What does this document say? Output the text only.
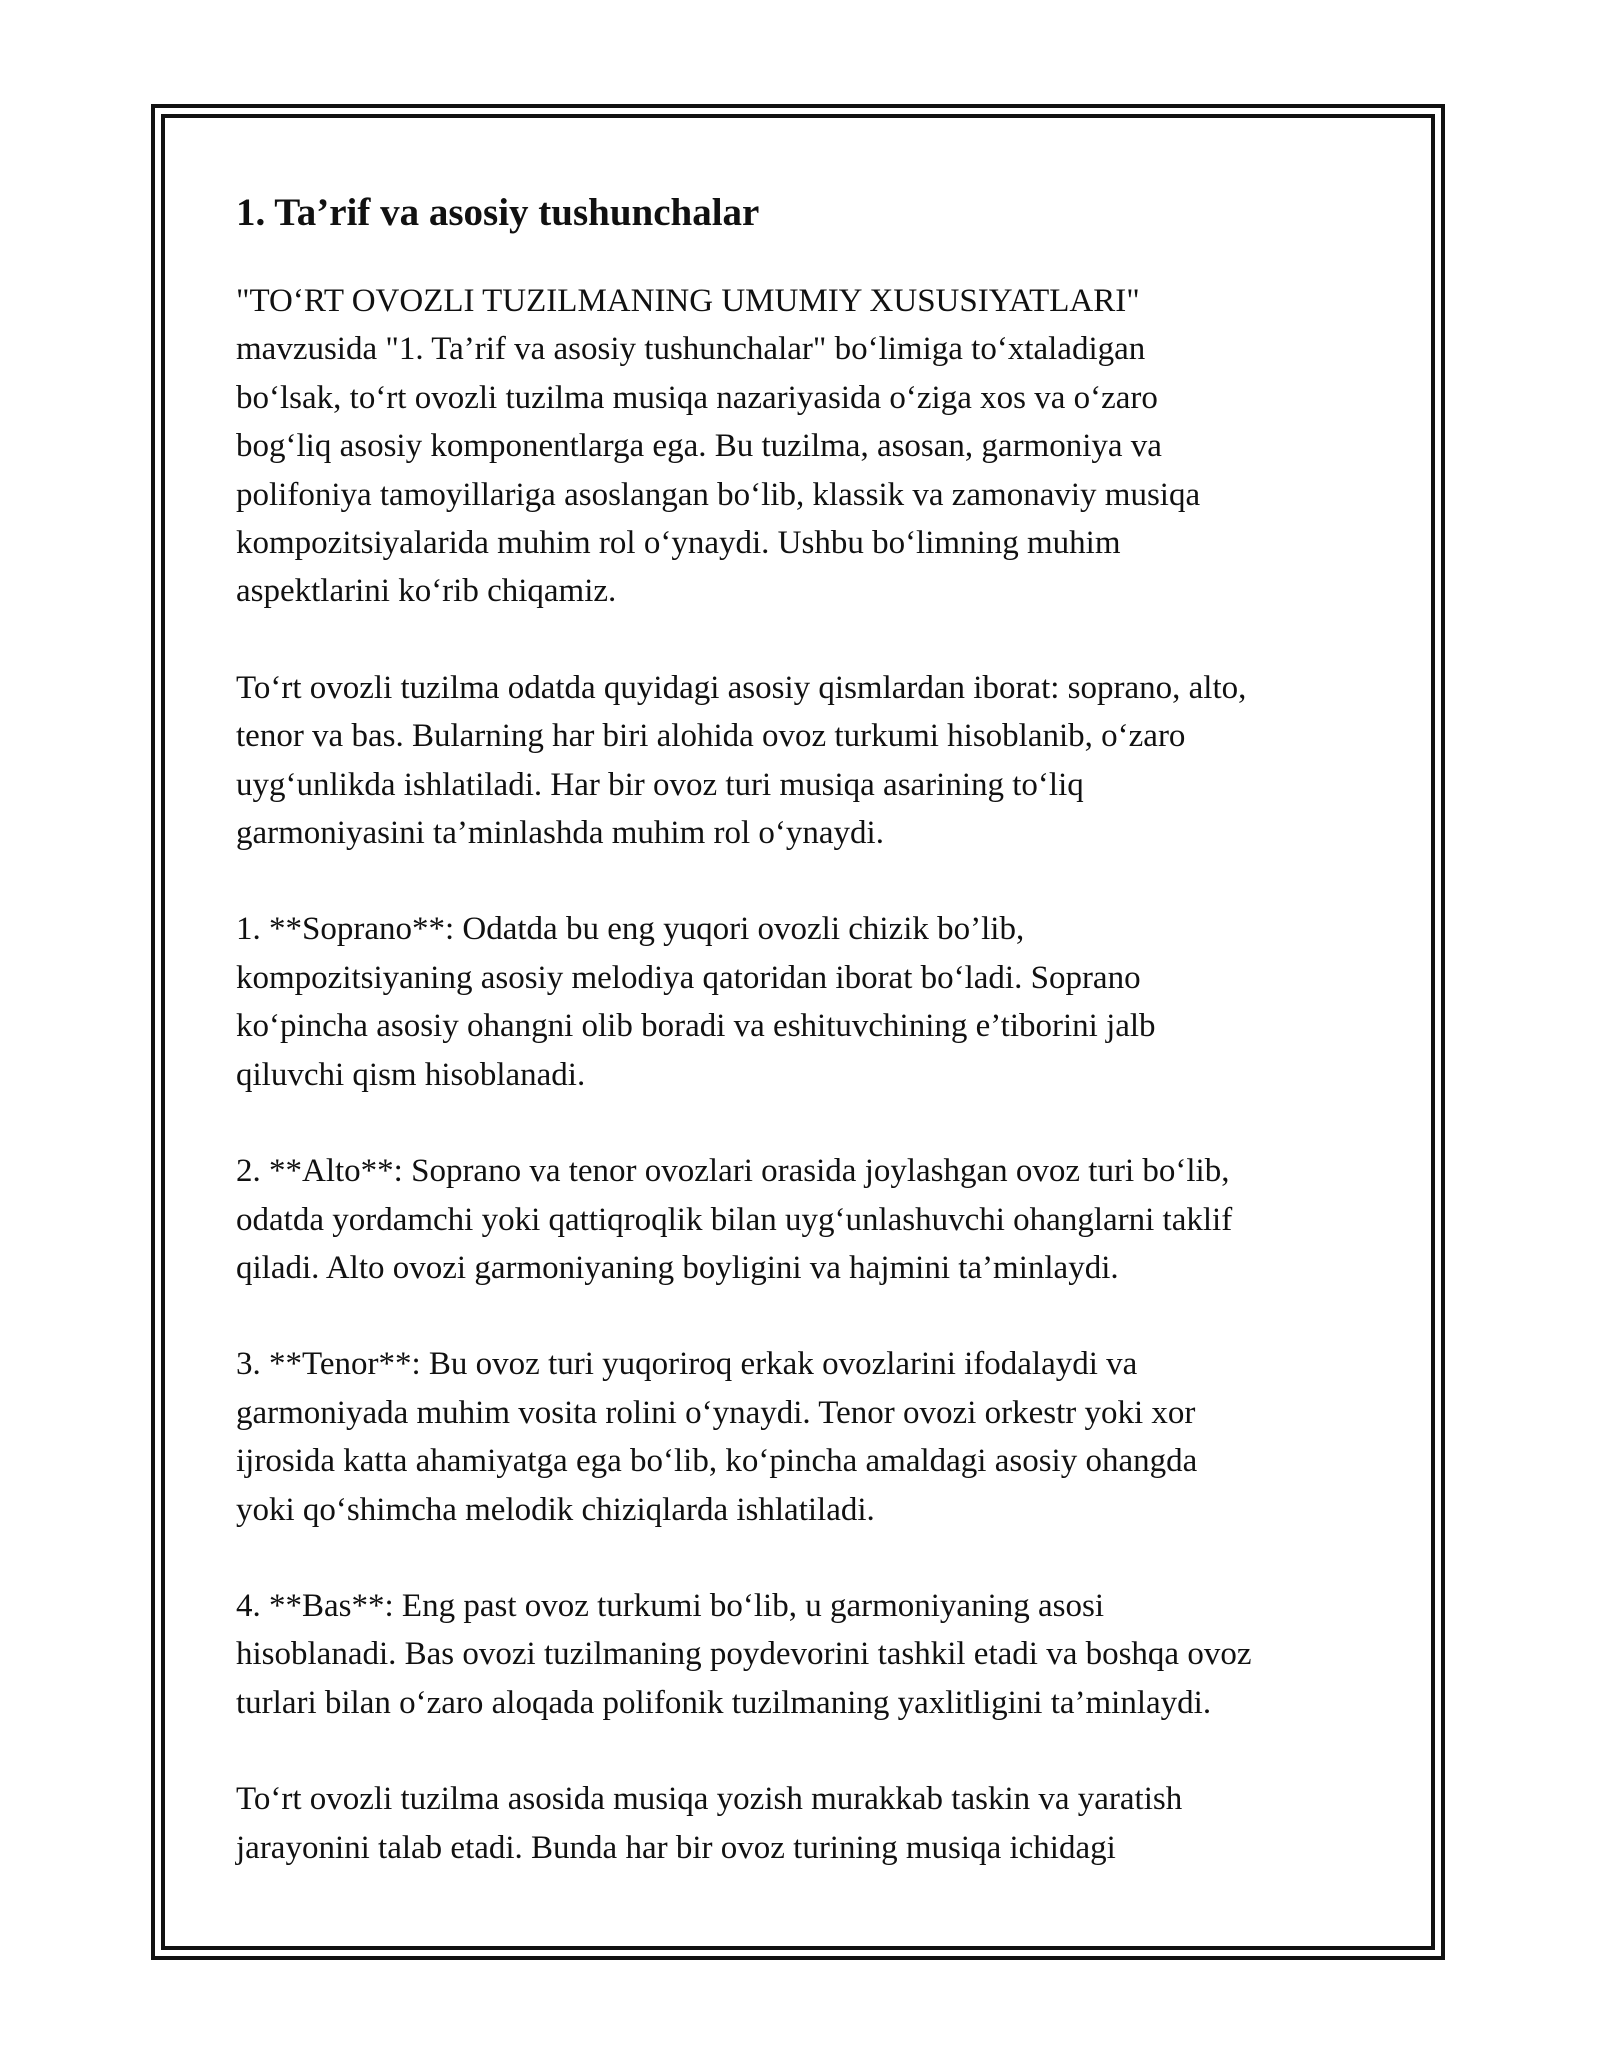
1. Ta’rif va asosiy tushunchalar

"TO‘RT OVOZLI TUZILMANING UMUMIY XUSUSIYATLARI"
mavzusida "1. Ta’rif va asosiy tushunchalar" bo‘limiga to‘xtaladigan
bo‘lsak, to‘rt ovozli tuzilma musiqa nazariyasida o‘ziga xos va o‘zaro
bog‘liq asosiy komponentlarga ega. Bu tuzilma, asosan, garmoniya va
polifoniya tamoyillariga asoslangan bo‘lib, klassik va zamonaviy musiqa
kompozitsiyalarida muhim rol o‘ynaydi. Ushbu bo‘limning muhim
aspektlarini ko‘rib chiqamiz.

To‘rt ovozli tuzilma odatda quyidagi asosiy qismlardan iborat: soprano, alto,
tenor va bas. Bularning har biri alohida ovoz turkumi hisoblanib, o‘zaro
uyg‘unlikda ishlatiladi. Har bir ovoz turi musiqa asarining to‘liq
garmoniyasini ta’minlashda muhim rol o‘ynaydi.

1. **Soprano**: Odatda bu eng yuqori ovozli chizik bo’lib,
kompozitsiyaning asosiy melodiya qatoridan iborat bo‘ladi. Soprano
ko‘pincha asosiy ohangni olib boradi va eshituvchining e’tiborini jalb
qiluvchi qism hisoblanadi.

2. **Alto**: Soprano va tenor ovozlari orasida joylashgan ovoz turi bo‘lib,
odatda yordamchi yoki qattiqroqlik bilan uyg‘unlashuvchi ohanglarni taklif
qiladi. Alto ovozi garmoniyaning boyligini va hajmini ta’minlaydi.

3. **Tenor**: Bu ovoz turi yuqoriroq erkak ovozlarini ifodalaydi va
garmoniyada muhim vosita rolini o‘ynaydi. Tenor ovozi orkestr yoki xor
ijrosida katta ahamiyatga ega bo‘lib, ko‘pincha amaldagi asosiy ohangda
yoki qo‘shimcha melodik chiziqlarda ishlatiladi.

4. **Bas**: Eng past ovoz turkumi bo‘lib, u garmoniyaning asosi
hisoblanadi. Bas ovozi tuzilmaning poydevorini tashkil etadi va boshqa ovoz
turlari bilan o‘zaro aloqada polifonik tuzilmaning yaxlitligini ta’minlaydi.

To‘rt ovozli tuzilma asosida musiqa yozish murakkab taskin va yaratish
jarayonini talab etadi. Bunda har bir ovoz turining musiqa ichidagi
